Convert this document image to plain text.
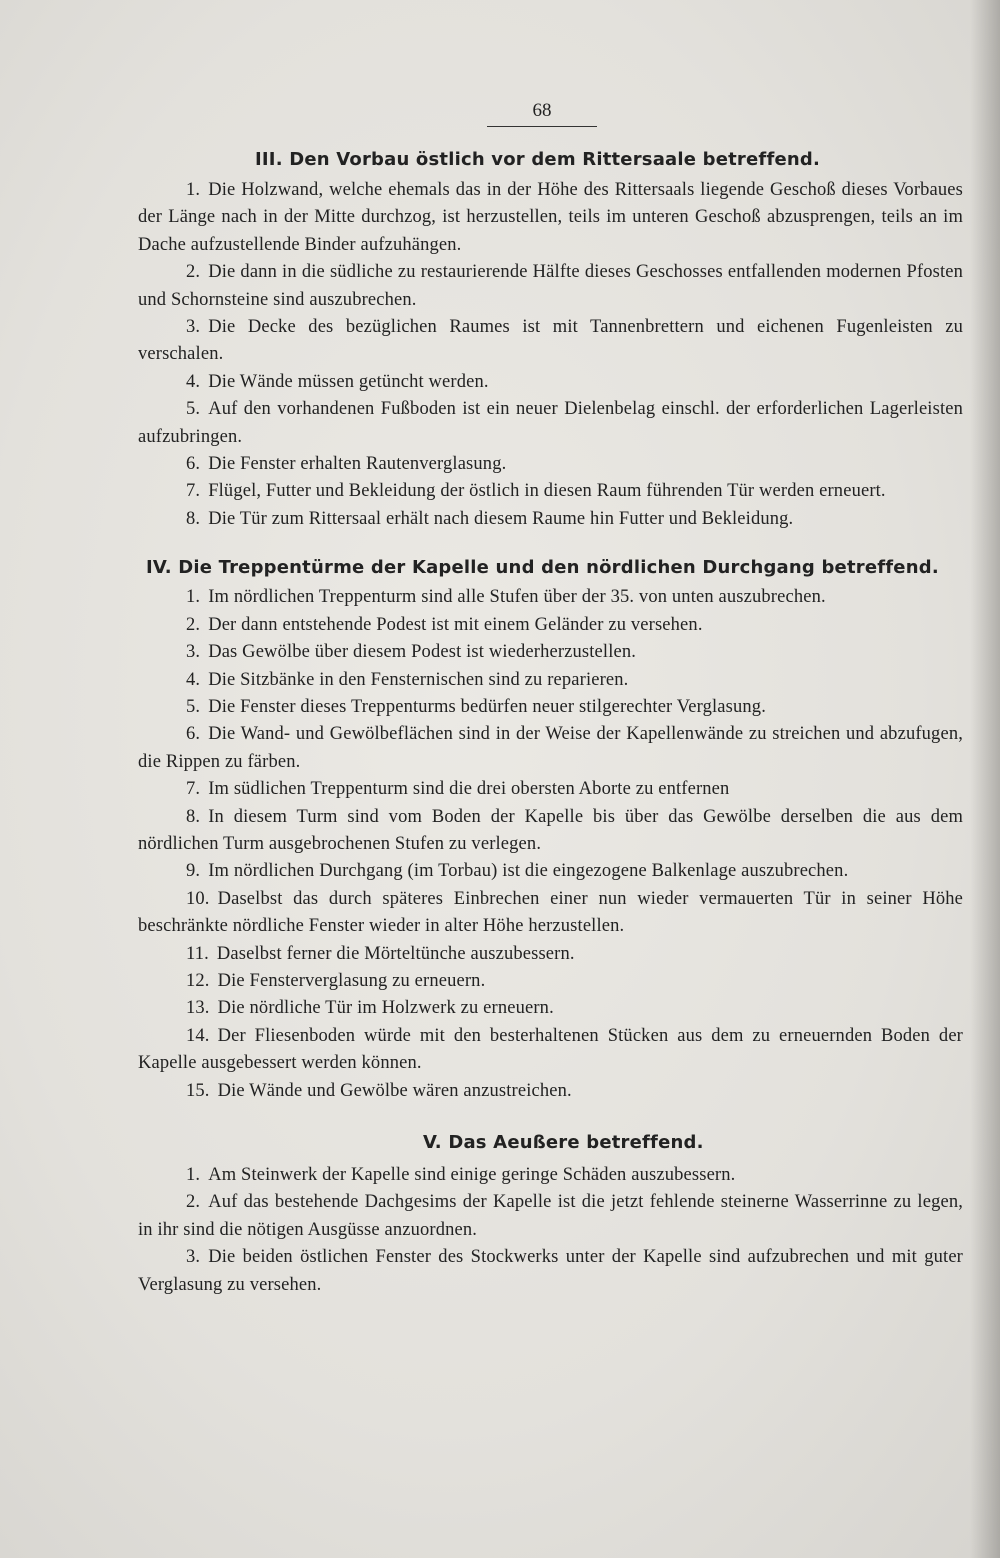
68
III. Den Vorbau östlich vor dem Rittersaale betreffend.
1. Die Holzwand, welche ehemals das in der Höhe des Rittersaals liegende Geschoß dieses Vorbaues der Länge nach in der Mitte durchzog, ist herzustellen, teils im unteren Geschoß abzusprengen, teils an im Dache aufzustellende Binder aufzuhängen.
2. Die dann in die südliche zu restaurierende Hälfte dieses Geschosses entfallenden modernen Pfosten und Schornsteine sind auszubrechen.
3. Die Decke des bezüglichen Raumes ist mit Tannenbrettern und eichenen Fugenleisten zu verschalen.
4. Die Wände müssen getüncht werden.
5. Auf den vorhandenen Fußboden ist ein neuer Dielenbelag einschl. der erforderlichen Lagerleisten aufzubringen.
6. Die Fenster erhalten Rautenverglasung.
7. Flügel, Futter und Bekleidung der östlich in diesen Raum führenden Tür werden erneuert.
8. Die Tür zum Rittersaal erhält nach diesem Raume hin Futter und Bekleidung.
IV. Die Treppentürme der Kapelle und den nördlichen Durchgang betreffend.
1. Im nördlichen Treppenturm sind alle Stufen über der 35. von unten auszubrechen.
2. Der dann entstehende Podest ist mit einem Geländer zu versehen.
3. Das Gewölbe über diesem Podest ist wiederherzustellen.
4. Die Sitzbänke in den Fensternischen sind zu reparieren.
5. Die Fenster dieses Treppenturms bedürfen neuer stilgerechter Verglasung.
6. Die Wand- und Gewölbeflächen sind in der Weise der Kapellenwände zu streichen und abzufugen, die Rippen zu färben.
7. Im südlichen Treppenturm sind die drei obersten Aborte zu entfernen
8. In diesem Turm sind vom Boden der Kapelle bis über das Gewölbe derselben die aus dem nördlichen Turm ausgebrochenen Stufen zu verlegen.
9. Im nördlichen Durchgang (im Torbau) ist die eingezogene Balkenlage auszubrechen.
10. Daselbst das durch späteres Einbrechen einer nun wieder vermauerten Tür in seiner Höhe beschränkte nördliche Fenster wieder in alter Höhe herzustellen.
11. Daselbst ferner die Mörteltünche auszubessern.
12. Die Fensterverglasung zu erneuern.
13. Die nördliche Tür im Holzwerk zu erneuern.
14. Der Fliesenboden würde mit den besterhaltenen Stücken aus dem zu erneuernden Boden der Kapelle ausgebessert werden können.
15. Die Wände und Gewölbe wären anzustreichen.
V. Das Aeußere betreffend.
1. Am Steinwerk der Kapelle sind einige geringe Schäden auszubessern.
2. Auf das bestehende Dachgesims der Kapelle ist die jetzt fehlende steinerne Wasserrinne zu legen, in ihr sind die nötigen Ausgüsse anzuordnen.
3. Die beiden östlichen Fenster des Stockwerks unter der Kapelle sind aufzubrechen und mit guter Verglasung zu versehen.
